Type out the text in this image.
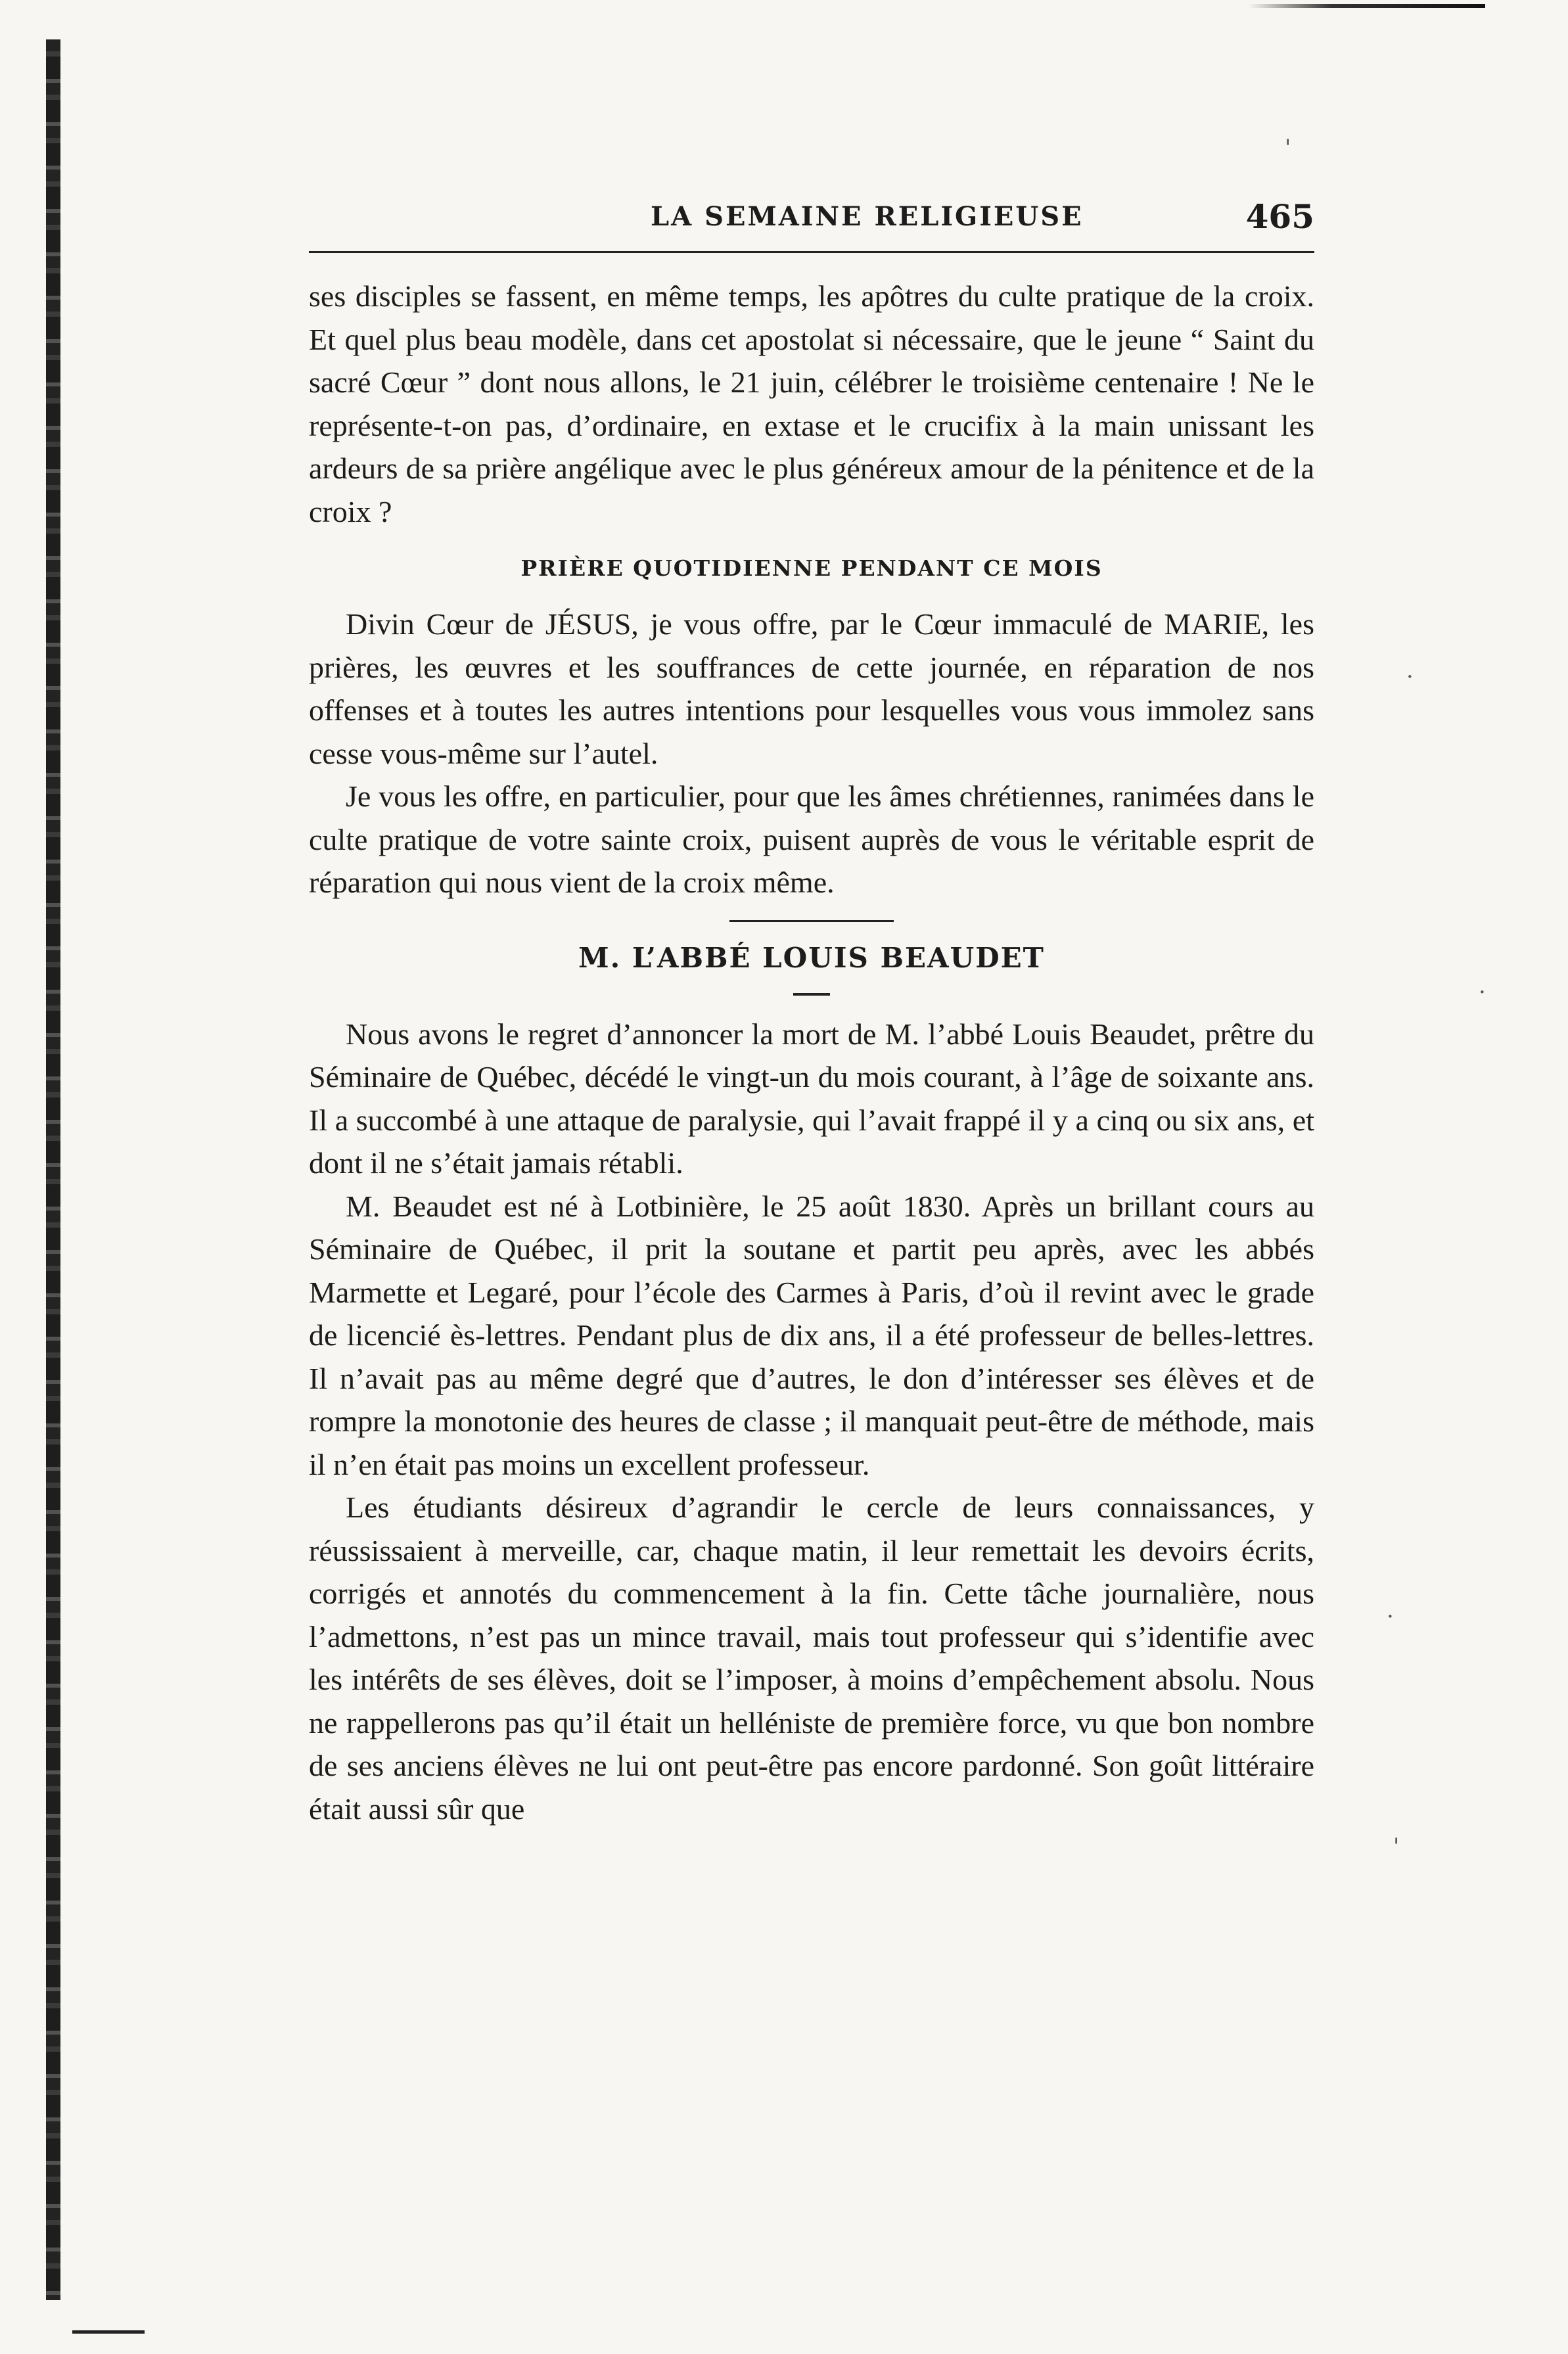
LA SEMAINE RELIGIEUSE	465

ses disciples se fassent, en même temps, les apôtres du culte pratique de la croix. Et quel plus beau modèle, dans cet apostolat si nécessaire, que le jeune “ Saint du sacré Cœur ” dont nous allons, le 21 juin, célébrer le troisième centenaire ! Ne le représente-t-on pas, d’ordinaire, en extase et le crucifix à la main unissant les ardeurs de sa prière angélique avec le plus généreux amour de la pénitence et de la croix ?

PRIÈRE QUOTIDIENNE PENDANT CE MOIS

Divin Cœur de JÉSUS, je vous offre, par le Cœur immaculé de MARIE, les prières, les œuvres et les souffrances de cette journée, en réparation de nos offenses et à toutes les autres intentions pour lesquelles vous vous immolez sans cesse vous-même sur l’autel.

Je vous les offre, en particulier, pour que les âmes chrétiennes, ranimées dans le culte pratique de votre sainte croix, puisent auprès de vous le véritable esprit de réparation qui nous vient de la croix même.

M. L’ABBÉ LOUIS BEAUDET

Nous avons le regret d’annoncer la mort de M. l’abbé Louis Beaudet, prêtre du Séminaire de Québec, décédé le vingt-un du mois courant, à l’âge de soixante ans. Il a succombé à une attaque de paralysie, qui l’avait frappé il y a cinq ou six ans, et dont il ne s’était jamais rétabli.

M. Beaudet est né à Lotbinière, le 25 août 1830. Après un brillant cours au Séminaire de Québec, il prit la soutane et partit peu après, avec les abbés Marmette et Legaré, pour l’école des Carmes à Paris, d’où il revint avec le grade de licencié ès-lettres. Pendant plus de dix ans, il a été professeur de belles-lettres. Il n’avait pas au même degré que d’autres, le don d’intéresser ses élèves et de rompre la monotonie des heures de classe ; il manquait peut-être de méthode, mais il n’en était pas moins un excellent professeur.

Les étudiants désireux d’agrandir le cercle de leurs connaissances, y réussissaient à merveille, car, chaque matin, il leur remettait les devoirs écrits, corrigés et annotés du commencement à la fin. Cette tâche journalière, nous l’admettons, n’est pas un mince travail, mais tout professeur qui s’identifie avec les intérêts de ses élèves, doit se l’imposer, à moins d’empêchement absolu. Nous ne rappellerons pas qu’il était un helléniste de première force, vu que bon nombre de ses anciens élèves ne lui ont peut-être pas encore pardonné. Son goût littéraire était aussi sûr que

'
·
·
·
'
